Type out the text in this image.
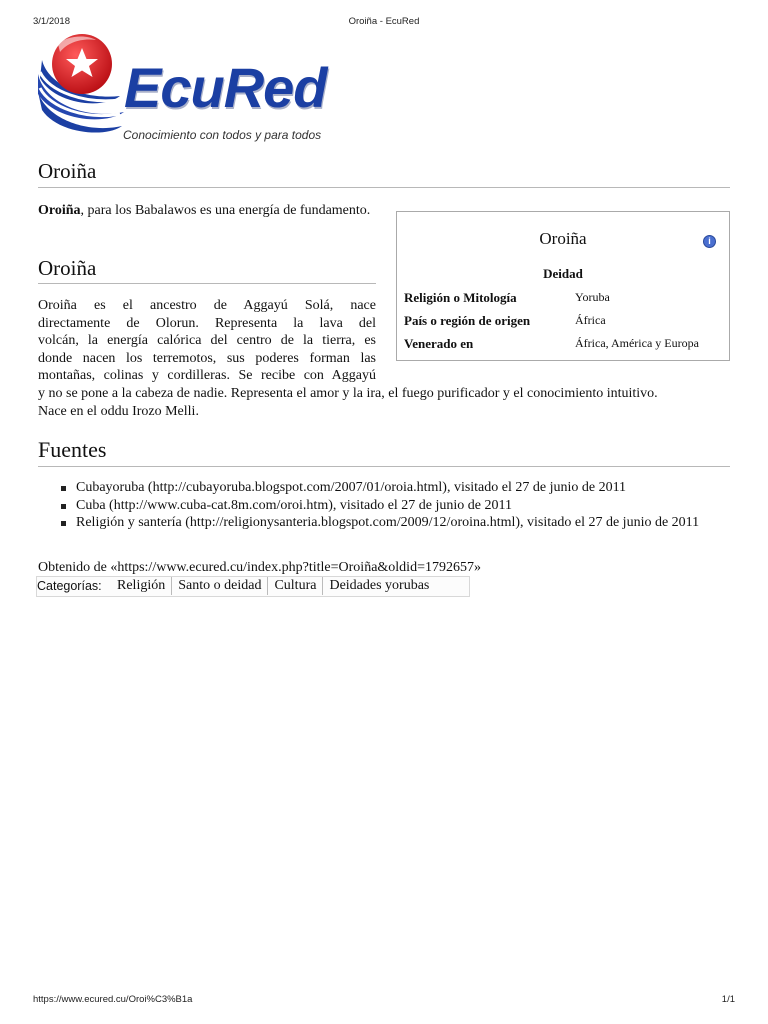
3/1/2018	Oroiña - EcuRed
EcuRed
Conocimiento con todos y para todos
Oroiña

Oroiña, para los Babalawos es una energía de fundamento.

Oroiña	i
Deidad
Religión o Mitología	Yoruba
País o región de origen	África
Venerado en	África, América y Europa
Oroiña
Oroiña es el ancestro de Aggayú Solá, nace
directamente de Olorun. Representa la lava del
volcán, la energía calórica del centro de la tierra, es
donde nacen los terremotos, sus poderes forman las
montañas, colinas y cordilleras. Se recibe con Aggayú
y no se pone a la cabeza de nadie. Representa el amor y la ira, el fuego purificador y el conocimiento intuitivo.
Nace en el oddu Irozo Melli.
Fuentes
Cubayoruba (http://cubayoruba.blogspot.com/2007/01/oroia.html), visitado el 27 de junio de 2011
Cuba (http://www.cuba-cat.8m.com/oroi.htm), visitado el 27 de junio de 2011
Religión y santería (http://religionysanteria.blogspot.com/2009/12/oroina.html), visitado el 27 de junio de 2011
Obtenido de «https://www.ecured.cu/index.php?title=Oroiña&oldid=1792657»
Categorías:	Religión Santo o deidad Cultura Deidades yorubas
https://www.ecured.cu/Oroi%C3%B1a	1/1
